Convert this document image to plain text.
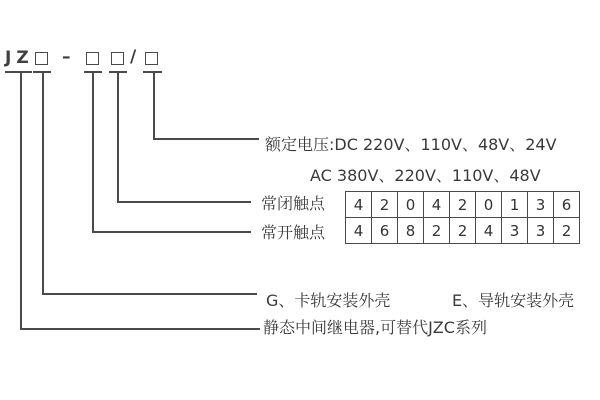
JZ –	/
额定电压:DC 220V、110V、48V、24V
AC 380V、220V、110V、48V
常闭触点
常开触点
G、卡轨安装外壳	E、导轨安装外壳
静态中间继电器,可替代JZC系列
4	2	0	4	2	0	1	3	6
4	6	8	2	2	4	3	3	2
